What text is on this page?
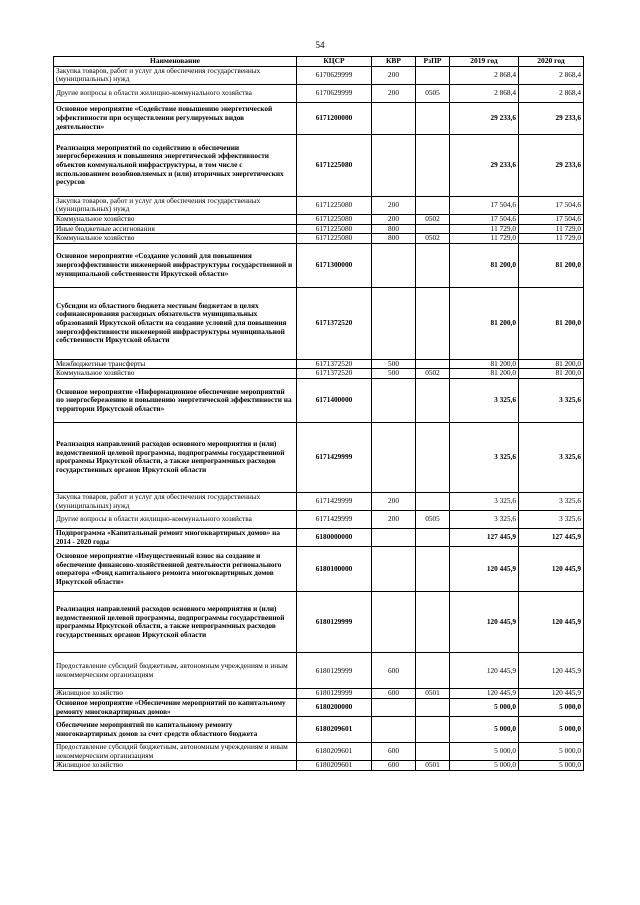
54
Наименование	КЦСР	КВР	РзПР	2019 год	2020 год
Закупка товаров, работ и услуг для обеспечения государственных (муниципальных) нужд	6170629999	200		2 868,4	2 868,4
Другие вопросы в области жилищно-коммунального хозяйства	6170629999	200	0505	2 868,4	2 868,4
Основное мероприятие «Содействие повышению энергетической эффективности при осуществлении регулируемых видов деятельности»	6171200000			29 233,6	29 233,6
Реализация мероприятий по содействию в обеспечении энергосбережения и повышения энергетической эффективности объектов коммунальной инфраструктуры, в том числе с использованием возобновляемых и (или) вторичных энергетических ресурсов	6171225080			29 233,6	29 233,6
Закупка товаров, работ и услуг для обеспечения государственных (муниципальных) нужд	6171225080	200		17 504,6	17 504,6
Коммунальное хозяйство	6171225080	200	0502	17 504,6	17 504,6
Иные бюджетные ассигнования	6171225080	800		11 729,0	11 729,0
Коммунальное хозяйство	6171225080	800	0502	11 729,0	11 729,0
Основное мероприятие «Создание условий для повышения энергоэффективности инженерной инфраструктуры государственной и муниципальной собственности Иркутской области»	6171300000			81 200,0	81 200,0
Субсидии из областного бюджета местным бюджетам в целях софинансирования расходных обязательств муниципальных образований Иркутской области на создание условий для повышения энергоэффективности инженерной инфраструктуры муниципальной собственности Иркутской области	6171372520			81 200,0	81 200,0
Межбюджетные трансферты	6171372520	500		81 200,0	81 200,0
Коммунальное хозяйство	6171372520	500	0502	81 200,0	81 200,0
Основное мероприятие «Информационное обеспечение мероприятий по энергосбережению и повышению энергетической эффективности на территории Иркутской области»	6171400000			3 325,6	3 325,6
Реализация направлений расходов основного мероприятия и (или) ведомственной целевой программы, подпрограммы государственной программы Иркутской области, а также непрограммных расходов государственных органов Иркутской области	6171429999			3 325,6	3 325,6
Закупка товаров, работ и услуг для обеспечения государственных (муниципальных) нужд	6171429999	200		3 325,6	3 325,6
Другие вопросы в области жилищно-коммунального хозяйства	6171429999	200	0505	3 325,6	3 325,6
Подпрограмма «Капитальный ремонт многоквартирных домов» на 2014 - 2020 годы	6180000000			127 445,9	127 445,9
Основное мероприятие «Имущественный взнос на создание и обеспечение финансово-хозяйственной деятельности регионального оператора «Фонд капитального ремонта многоквартирных домов Иркутской области»	6180100000			120 445,9	120 445,9
Реализация направлений расходов основного мероприятия и (или) ведомственной целевой программы, подпрограммы государственной программы Иркутской области, а также непрограммных расходов государственных органов Иркутской области	6180129999			120 445,9	120 445,9
Предоставление субсидий бюджетным, автономным учреждениям и иным некоммерческим организациям	6180129999	600		120 445,9	120 445,9
Жилищное хозяйство	6180129999	600	0501	120 445,9	120 445,9
Основное мероприятие «Обеспечение мероприятий по капитальному ремонту многоквартирных домов»	6180200000			5 000,0	5 000,0
Обеспечение мероприятий по капитальному ремонту многоквартирных домов за счет средств областного бюджета	6180209601			5 000,0	5 000,0
Предоставление субсидий бюджетным, автономным учреждениям и иным некоммерческим организациям	6180209601	600		5 000,0	5 000,0
Жилищное хозяйство	6180209601	600	0501	5 000,0	5 000,0
